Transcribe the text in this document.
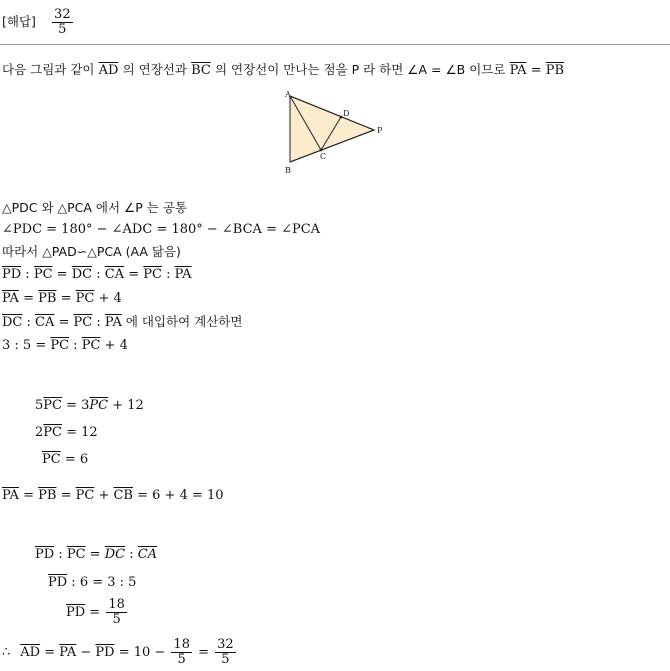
[해답] $\frac{32}{5}$
다음 그림과 같이 $\overline{AD}$ 의 연장선과 $\overline{BC}$ 의 연장선이 만나는 점을 P 라 하면 ∠A = ∠B 이므로 $\overline{PA} = \overline{PB}$
A
B
C
D
P
△PDC 와 △PCA 에서 ∠P 는 공통
∠PDC = 180° − ∠ADC = 180° − ∠BCA = ∠PCA
따라서 △PAD∽△PCA (AA 닮음)
$\overline{PD}$ : $\overline{PC} = \overline{DC}$ : $\overline{CA} = \overline{PC}$ : $\overline{PA}$
$\overline{PA} = \overline{PB} = \overline{PC} + 4$
$\overline{DC}$ : $\overline{CA} = \overline{PC}$ : $\overline{PA}$ 에 대입하여 계산하면
3 : $5 = \overline{PC}$ : $\overline{PC} + 4$
$5\overline{PC} = 3\overline{PC} + 12$
$2\overline{PC} = 12$
$\overline{PC} = 6$
$\overline{PA} = \overline{PB} = \overline{PC} + \overline{CB} = 6 + 4 = 10$
$\overline{PD}$ : $\overline{PC} = \overline{DC}$ : $\overline{CA}$
$\overline{PD}$ : 6 = 3 : 5
$\overline{PD} = \frac{18}{5}$
∴ $\overline{AD} = \overline{PA} - \overline{PD} = 10 - \frac{18}{5} = \frac{32}{5}$
